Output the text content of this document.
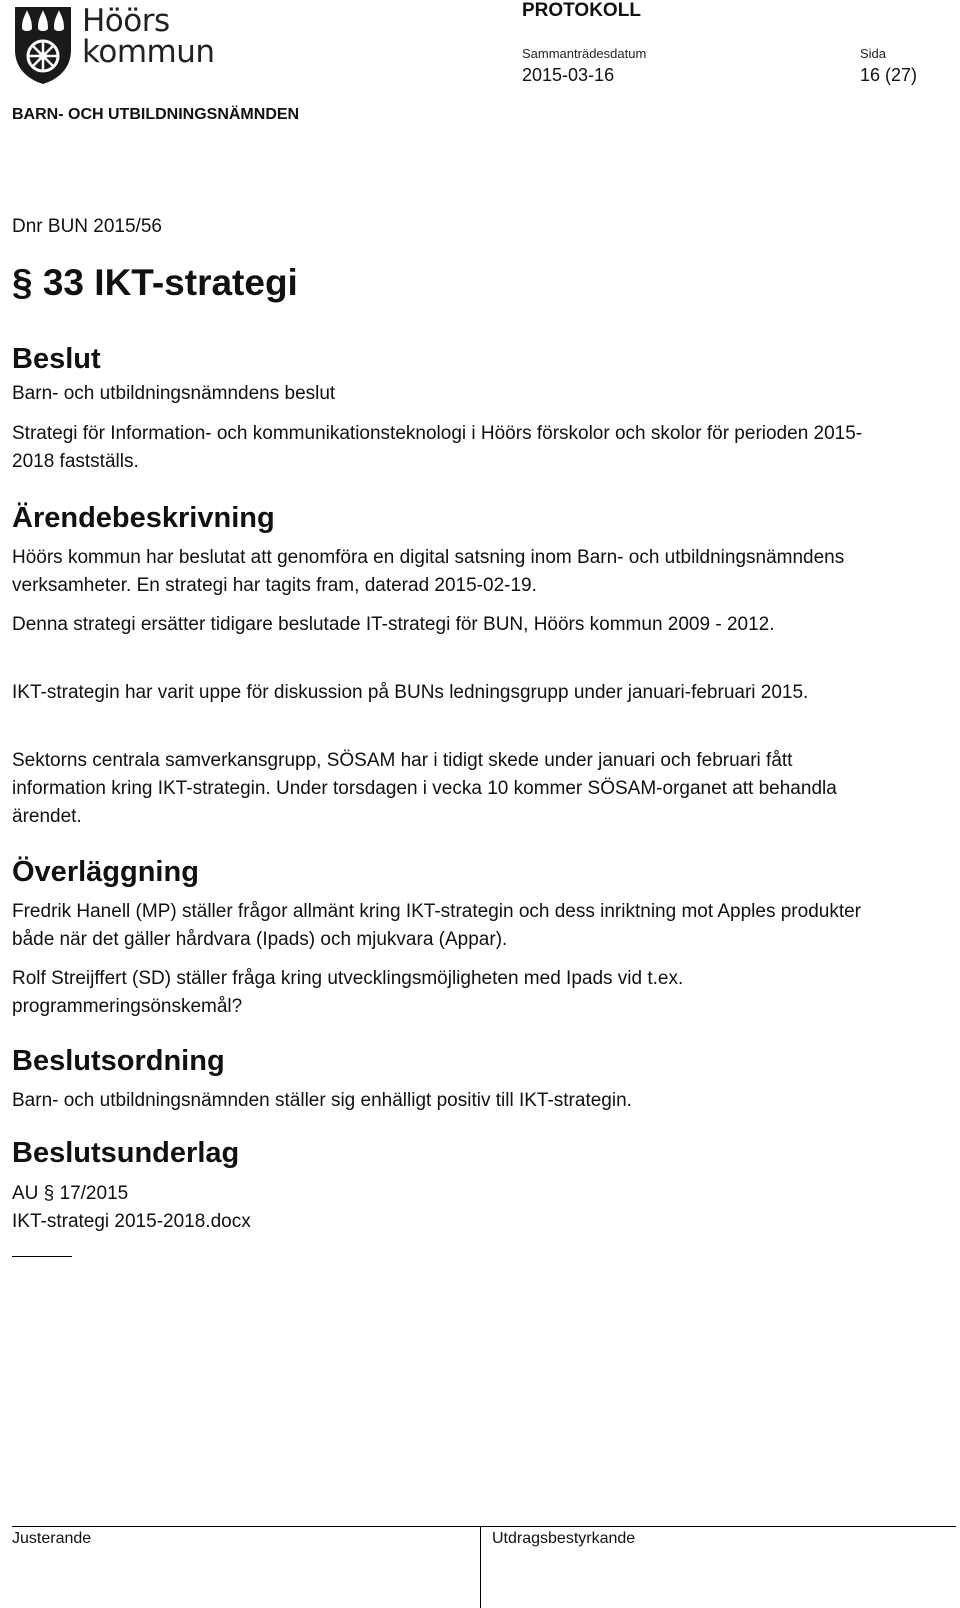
Höörs
kommun
PROTOKOLL
Sammanträdesdatum
2015-03-16
Sida
16 (27)
BARN- OCH UTBILDNINGSNÄMNDEN
Dnr BUN 2015/56
§ 33 IKT-strategi
Beslut

Barn- och utbildningsnämndens beslut

Strategi för Information- och kommunikationsteknologi i Höörs förskolor och skolor för perioden 2015-2018 fastställs.

Ärendebeskrivning

Höörs kommun har beslutat att genomföra en digital satsning inom Barn- och utbildningsnämndens verksamheter. En strategi har tagits fram, daterad 2015-02-19.

Denna strategi ersätter tidigare beslutade IT-strategi för BUN, Höörs kommun 2009 - 2012.

IKT-strategin har varit uppe för diskussion på BUNs ledningsgrupp under januari-februari 2015.

Sektorns centrala samverkansgrupp, SÖSAM har i tidigt skede under januari och februari fått information kring IKT-strategin. Under torsdagen i vecka 10 kommer SÖSAM-organet att behandla ärendet.

Överläggning

Fredrik Hanell (MP) ställer frågor allmänt kring IKT-strategin och dess inriktning mot Apples produkter både när det gäller hårdvara (Ipads) och mjukvara (Appar).

Rolf Streijffert (SD) ställer fråga kring utvecklingsmöjligheten med Ipads vid t.ex. programmeringsönskemål?

Beslutsordning

Barn- och utbildningsnämnden ställer sig enhälligt positiv till IKT-strategin.

Beslutsunderlag

AU § 17/2015

IKT-strategi 2015-2018.docx

Justerande	Utdragsbestyrkande
